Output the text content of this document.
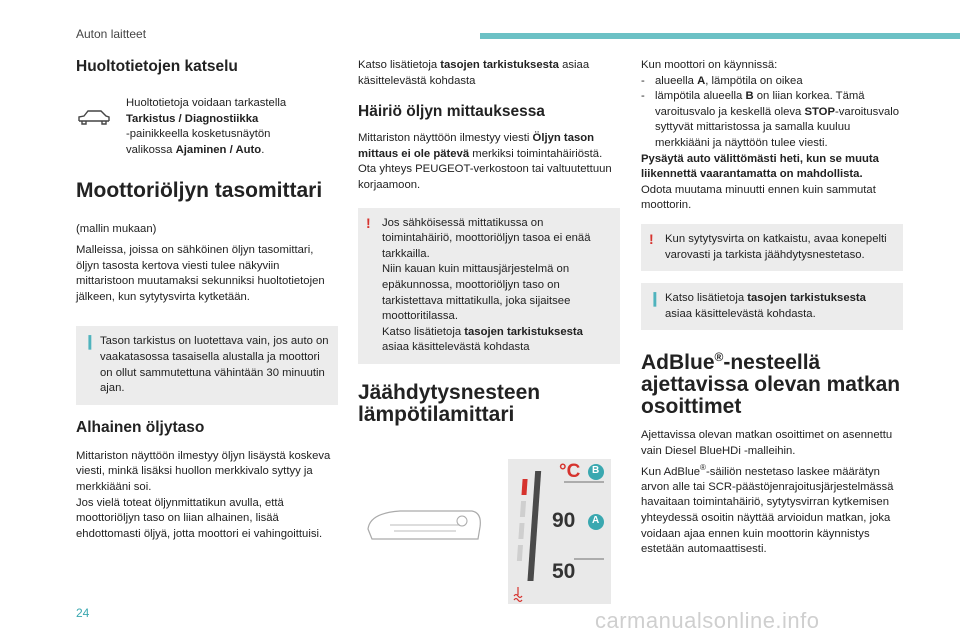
Auton laitteet
Huoltotietojen katselu
Huoltotietoja voidaan tarkastella
Tarkistus / Diagnostiikka
-painikkeella kosketusnäytön
valikossa Ajaminen / Auto.
Moottoriöljyn tasomittari
(mallin mukaan)
Malleissa, joissa on sähköinen öljyn tasomittari, öljyn tasosta kertova viesti tulee näkyviin mittaristoon muutamaksi sekunniksi huoltotietojen jälkeen, kun sytytysvirta kytketään.
❙ Tason tarkistus on luotettava vain, jos auto on vaakatasossa tasaisella alustalla ja moottori on ollut sammutettuna vähintään 30 minuutin ajan.
Alhainen öljytaso
Mittariston näyttöön ilmestyy öljyn lisäystä koskeva viesti, minkä lisäksi huollon merkkivalo syttyy ja merkkiääni soi.
Jos vielä toteat öljynmittatikun avulla, että moottoriöljyn taso on liian alhainen, lisää ehdottomasti öljyä, jotta moottori ei vahingoittuisi.
Katso lisätietoja tasojen tarkistuksesta asiaa käsittelevästä kohdasta
Häiriö öljyn mittauksessa
Mittariston näyttöön ilmestyy viesti Öljyn tason mittaus ei ole pätevä merkiksi toimintahäiriöstä.
Ota yhteys PEUGEOT-verkostoon tai valtuutettuun korjaamoon.
!	Jos sähköisessä mittatikussa on toimintahäiriö, moottoriöljyn tasoa ei enää tarkkailla.
Niin kauan kuin mittausjärjestelmä on epäkunnossa, moottoriöljyn taso on tarkistettava mittatikulla, joka sijaitsee moottoritilassa.
Katso lisätietoja tasojen tarkistuksesta asiaa käsittelevästä kohdasta
Jäähdytysnesteen lämpötilamittari
°C
90
50
B
A
Kun moottori on käynnissä:
- alueella A, lämpötila on oikea
- lämpötila alueella B on liian korkea. Tämä varoitusvalo ja keskellä oleva STOP-varoitusvalo syttyvät mittaristossa ja samalla kuuluu merkkiääni ja näyttöön tulee viesti.
Pysäytä auto välittömästi heti, kun se muuta liikennettä vaarantamatta on mahdollista.
Odota muutama minuutti ennen kuin sammutat moottorin.
!	Kun sytytysvirta on katkaistu, avaa konepelti varovasti ja tarkista jäähdytysnestetaso.
❙ Katso lisätietoja tasojen tarkistuksesta asiaa käsittelevästä kohdasta.
AdBlue®-nesteellä ajettavissa olevan matkan osoittimet
Ajettavissa olevan matkan osoittimet on asennettu vain Diesel BlueHDi -malleihin.
Kun AdBlue®-säiliön nestetaso laskee määrätyn arvon alle tai SCR-päästöjenrajoitusjärjestelmässä havaitaan toimintahäiriö, sytytysvirran kytkemisen yhteydessä osoitin näyttää arvioidun matkan, joka voidaan ajaa ennen kuin moottorin käynnistys estetään automaattisesti.
24	carmanualsonline.info
